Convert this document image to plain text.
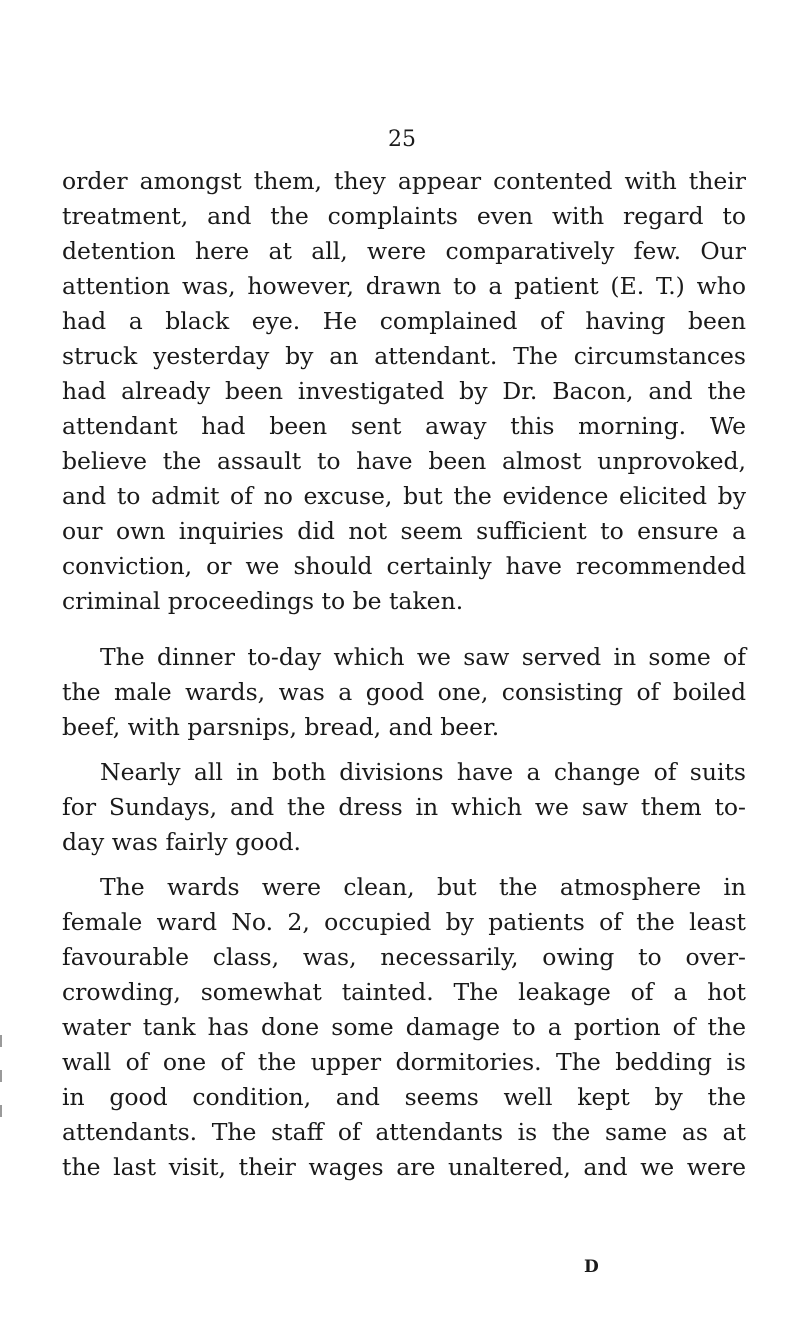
25

order amongst them, they appear contented with their
treatment, and the complaints even with regard to
detention here at all, were comparatively few. Our
attention was, however, drawn to a patient (E. T.) who
had a black eye. He complained of having been
struck yesterday by an attendant. The circumstances
had already been investigated by Dr. Bacon, and the
attendant had been sent away this morning. We
believe the assault to have been almost unprovoked,
and to admit of no excuse, but the evidence elicited by
our own inquiries did not seem sufficient to ensure a
conviction, or we should certainly have recommended
criminal proceedings to be taken.
The dinner to-day which we saw served in some of
the male wards, was a good one, consisting of boiled
beef, with parsnips, bread, and beer.
Nearly all in both divisions have a change of suits
for Sundays, and the dress in which we saw them to-
day was fairly good.
The wards were clean, but the atmosphere in
female ward No. 2, occupied by patients of the least
favourable class, was, necessarily, owing to over-
crowding, somewhat tainted. The leakage of a hot
water tank has done some damage to a portion of the
wall of one of the upper dormitories. The bedding is
in good condition, and seems well kept by the
attendants. The staff of attendants is the same as at
the last visit, their wages are unaltered, and we were

D
